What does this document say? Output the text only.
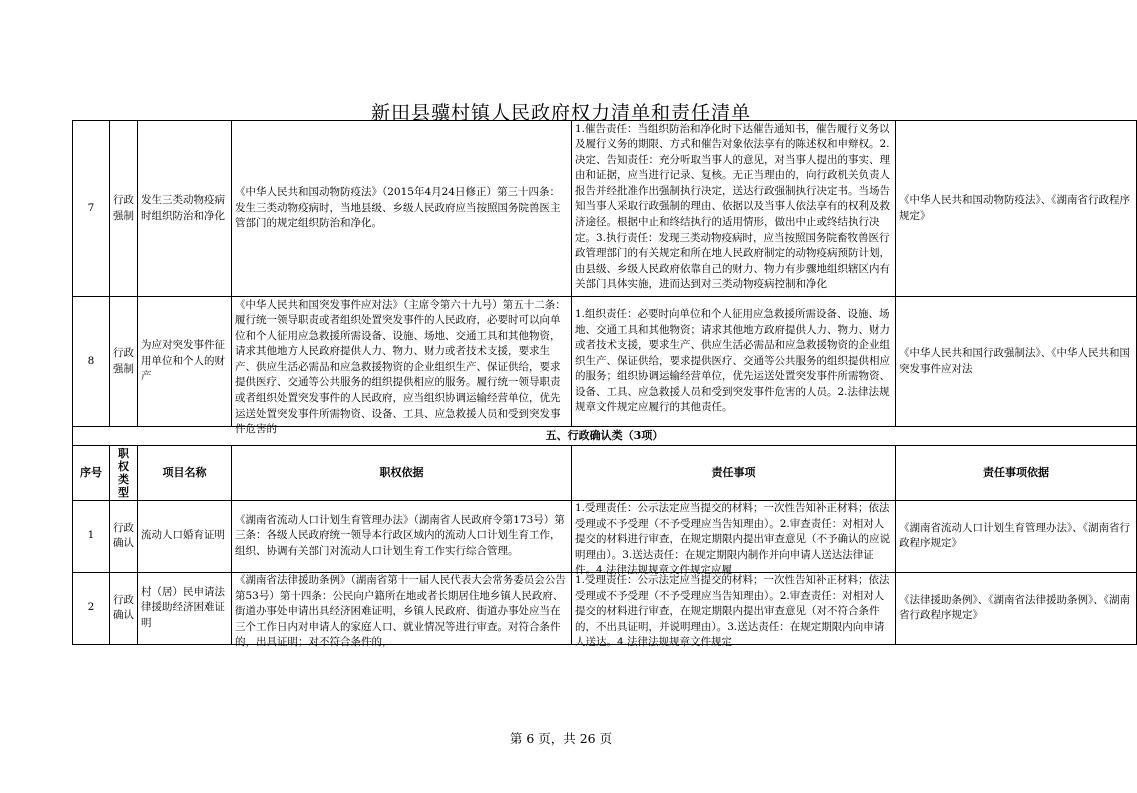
新田县骥村镇人民政府权力清单和责任清单
7	行政强制	发生三类动物疫病时组织防治和净化	《中华人民共和国动物防疫法》（2015年4月24日修正）第三十四条：发生三类动物疫病时，当地县级、乡级人民政府应当按照国务院兽医主管部门的规定组织防治和净化。	1.催告责任：当组织防治和净化时下达催告通知书，催告履行义务以及履行义务的期限、方式和催告对象依法享有的陈述权和申辩权。2.决定、告知责任：充分听取当事人的意见，对当事人提出的事实、理由和证据，应当进行记录、复核。无正当理由的，向行政机关负责人报告并经批准作出强制执行决定，送达行政强制执行决定书。当场告知当事人采取行政强制的理由、依据以及当事人依法享有的权利及救济途径。根据中止和终结执行的适用情形，做出中止或终结执行决定。3.执行责任：发现三类动物疫病时，应当按照国务院畜牧兽医行政管理部门的有关规定和所在地人民政府制定的动物疫病预防计划，由县级、乡级人民政府依靠自己的财力、物力有步骤地组织辖区内有关部门具体实施，进而达到对三类动物疫病控制和净化	《中华人民共和国动物防疫法》、《湖南省行政程序规定》
8	行政强制	为应对突发事件征用单位和个人的财产	《中华人民共和国突发事件应对法》（主席令第六十九号）第五十二条：履行统一领导职责或者组织处置突发事件的人民政府，必要时可以向单位和个人征用应急救援所需设备、设施、场地、交通工具和其他物资，请求其他地方人民政府提供人力、物力、财力或者技术支援，要求生产、供应生活必需品和应急救援物资的企业组织生产、保证供给，要求提供医疗、交通等公共服务的组织提供相应的服务。履行统一领导职责或者组织处置突发事件的人民政府，应当组织协调运输经营单位，优先运送处置突发事件所需物资、设备、工具、应急救援人员和受到突发事件危害的	1.组织责任：必要时向单位和个人征用应急救援所需设备、设施、场地、交通工具和其他物资；请求其他地方政府提供人力、物力、财力或者技术支援，要求生产、供应生活必需品和应急救援物资的企业组织生产、保证供给，要求提供医疗、交通等公共服务的组织提供相应的服务；组织协调运输经营单位，优先运送处置突发事件所需物资、设备、工具、应急救援人员和受到突发事件危害的人员。2.法律法规规章文件规定应履行的其他责任。	《中华人民共和国行政强制法》、《中华人民共和国突发事件应对法

五、行政确认类（3项）					
序号	职权类型	项目名称	职权依据	责任事项	责任事项依据
1	行政确认	流动人口婚育证明	《湖南省流动人口计划生育管理办法》（湖南省人民政府令第173号）第三条：各级人民政府统一领导本行政区域内的流动人口计划生育工作，组织、协调有关部门对流动人口计划生育工作实行综合管理。	1.受理责任：公示法定应当提交的材料；一次性告知补正材料；依法受理或不予受理（不予受理应当告知理由）。2.审查责任：对相对人提交的材料进行审查，在规定期限内提出审查意见（不予确认的应说明理由）。3.送达责任：在规定期限内制作并向申请人送达法律证件。4.法律法规规章文件规定应履	《湖南省流动人口计划生育管理办法》、《湖南省行政程序规定》
2	行政确认	村（居）民申请法律援助经济困难证明	《湖南省法律援助条例》（湖南省第十一届人民代表大会常务委员会公告第53号）第十四条：公民向户籍所在地或者长期居住地乡镇人民政府、街道办事处申请出具经济困难证明，乡镇人民政府、街道办事处应当在三个工作日内对申请人的家庭人口、就业情况等进行审查。对符合条件的，出具证明；对不符合条件的，	1.受理责任：公示法定应当提交的材料；一次性告知补正材料；依法受理或不予受理（不予受理应当告知理由）。2.审查责任：对相对人提交的材料进行审查，在规定期限内提出审查意见（对不符合条件的，不出具证明，并说明理由）。3.送达责任：在规定期限内向申请人送达。4.法律法规规章文件规定	《法律援助条例》、《湖南省法律援助条例》、《湖南省行政程序规定》
第 6 页，共 26 页
